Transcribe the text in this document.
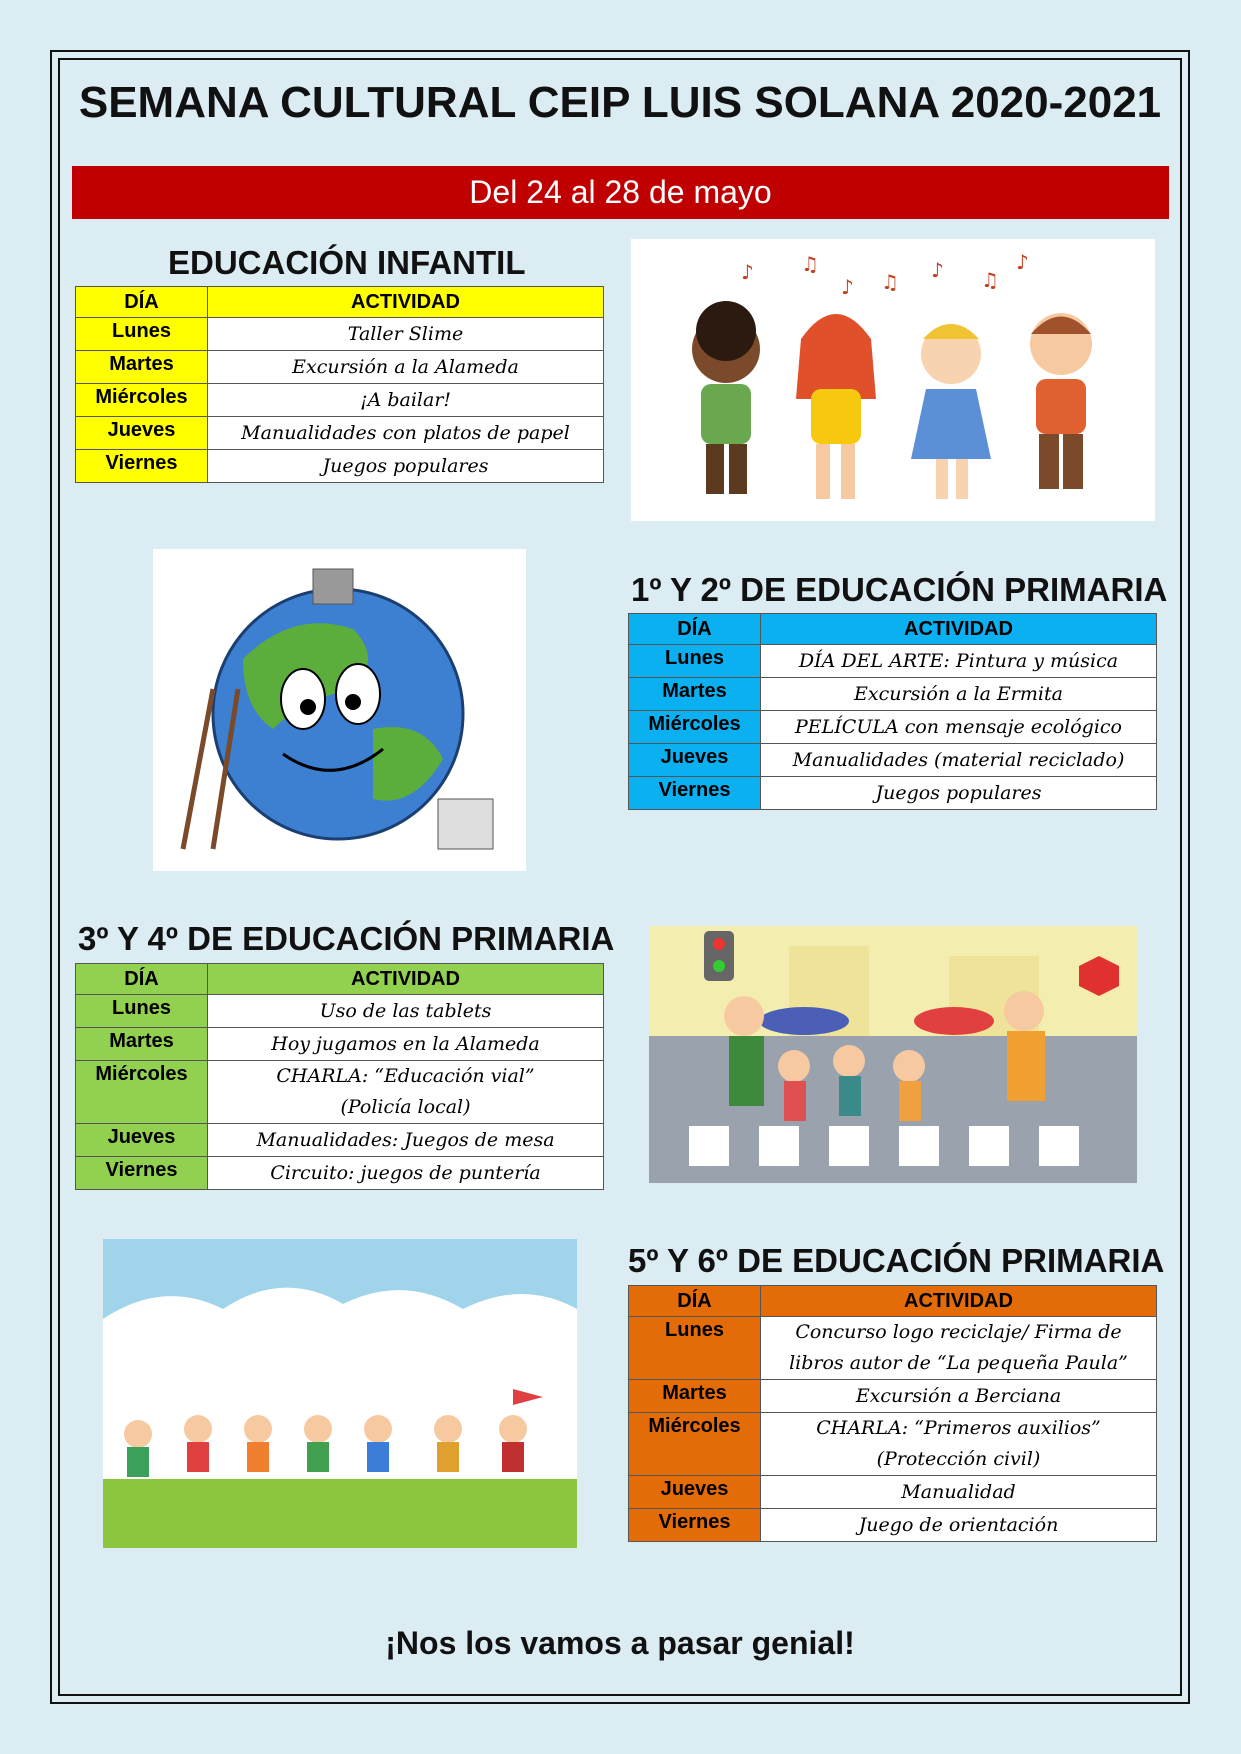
SEMANA CULTURAL CEIP LUIS SOLANA 2020-2021
Del 24 al 28 de mayo
EDUCACIÓN INFANTIL
DÍA	ACTIVIDAD
Lunes	Taller Slime
Martes	Excursión a la Alameda
Miércoles	¡A bailar!
Jueves	Manualidades con platos de papel
Viernes	Juegos populares
♪ ♫
♪ ♫ ♪ ♫
♪
1º Y 2º DE EDUCACIÓN PRIMARIA
DÍA	ACTIVIDAD
Lunes	DÍA DEL ARTE: Pintura y música
Martes	Excursión a la Ermita
Miércoles	PELÍCULA con mensaje ecológico
Jueves	Manualidades (material reciclado)
Viernes	Juegos populares
3º Y 4º DE EDUCACIÓN PRIMARIA
DÍA	ACTIVIDAD
Lunes	Uso de las tablets
Martes	Hoy jugamos en la Alameda
Miércoles	CHARLA: “Educación vial”
(Policía local)

Jueves	Manualidades: Juegos de mesa
Viernes	Circuito: juegos de puntería
5º Y 6º DE EDUCACIÓN PRIMARIA
DÍA	ACTIVIDAD
Lunes	Concurso logo reciclaje/ Firma de
libros autor de “La pequeña Paula”

Martes	Excursión a Berciana
Miércoles	CHARLA: “Primeros auxilios”
(Protección civil)

Jueves	Manualidad
Viernes	Juego de orientación
¡Nos los vamos a pasar genial!
